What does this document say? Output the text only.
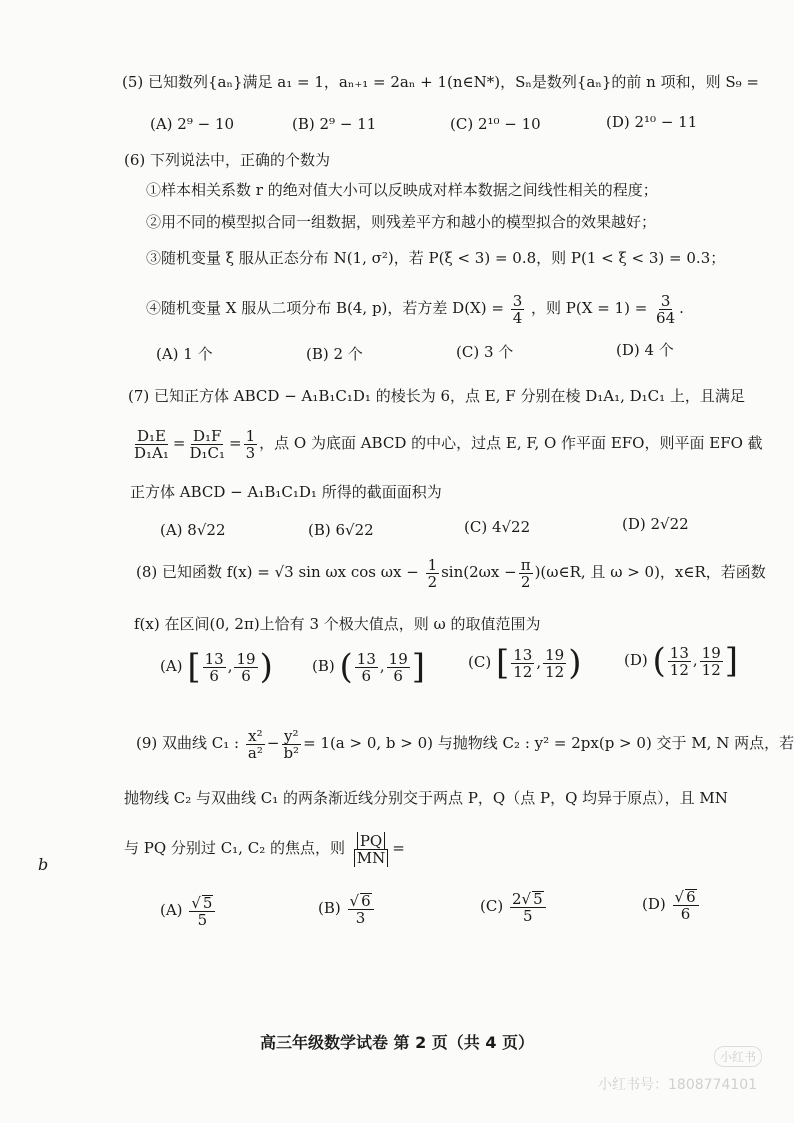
(5) 已知数列{aₙ}满足 a₁ = 1，aₙ₊₁ = 2aₙ + 1(n∈N*)，Sₙ是数列{aₙ}的前 n 项和，则 S₉ =
(A) 2⁹ − 10	(B) 2⁹ − 11	(C) 2¹⁰ − 10	(D) 2¹⁰ − 11
(6) 下列说法中，正确的个数为
①样本相关系数 r 的绝对值大小可以反映成对样本数据之间线性相关的程度；
②用不同的模型拟合同一组数据，则残差平方和越小的模型拟合的效果越好；
③随机变量 ξ 服从正态分布 N(1, σ²)，若 P(ξ < 3) = 0.8，则 P(1 < ξ < 3) = 0.3；
④随机变量 X 服从二项分布 B(4, p)，若方差 $D(X) = \frac{3}{4}$ ，则 $P(X = 1) = \frac{3}{64}$ .
(A) 1 个	(B) 2 个	(C) 3 个	(D) 4 个
(7) 已知正方体 ABCD − A₁B₁C₁D₁ 的棱长为 6，点 E, F 分别在棱 D₁A₁, D₁C₁ 上，且满足
$\frac{\text{D₁E}}{\text{D₁A₁}} = \frac{\text{D₁F}}{\text{D₁C₁}} = \frac{1}{3}$ ，点 O 为底面 ABCD 的中心，过点 E, F, O 作平面 EFO，则平面 EFO 截
正方体 ABCD − A₁B₁C₁D₁ 所得的截面面积为
(A) 8√22	(B) 6√22	(C) 4√22	(D) 2√22
(8) 已知函数 f(x) = √3 sin ωx $\cos \omega x - \frac{1}{2} \sin(2\omega x - \frac{\pi}{2}$ )(ω∈R, 且 ω > 0)，x∈R，若函数
f(x) 在区间(0, 2π)上恰有 3 个极大值点，则 ω 的取值范围为
(A) [ $\frac{13}{6}$ , $\frac{19}{6}$ )	(B) ( $\frac{13}{6}$ , $\frac{19}{6}$ ]	(C) [ $\frac{13}{12}$ , $\frac{19}{12}$ )	(D) ( $\frac{13}{12}$ , $\frac{19}{12}$ ]
(9) 双曲线 C₁ : $\frac{\text{x²}}{\text{a²}} - \frac{\text{y²}}{\text{b²}} = 1(a > 0$, b > 0) 与抛物线 C₂ : y² = 2px(p > 0) 交于 M, N 两点，若
抛物线 C₂ 与双曲线 C₁ 的两条渐近线分别交于两点 P，Q（点 P，Q 均异于原点），且 MN
与 PQ 分别过 C₁, C₂ 的焦点，则 $\frac{PQ}{MN}$ =
$(A) \frac{√ 5}{5}$	$(B) \frac{√ 6}{3}$	$(C) \frac{2√ 5}{5}$	$(D) \frac{√ 6}{6}$
b
高三年级数学试卷 第 2 页（共 4 页）
小红书
小红书号：1808774101
